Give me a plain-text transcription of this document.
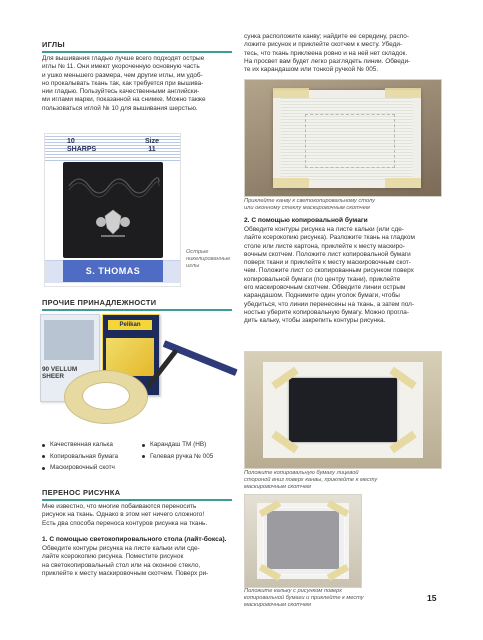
ИГЛЫ

Для вышивания гладью лучше всего подходят острые
иглы № 11. Они имеют укороченную основную часть
и ушко меньшего размера, чем другие иглы, им удоб-
но прокалывать ткань так, как требуется при вышива-
нии гладью. Пользуйтесь качественными английски-
ми иглами марки, показанной на снимке. Можно также
пользоваться иглой № 10 для вышивания шерстью.

10
SHARPS
Size
11
S. THOMAS
Острые
никелированные
иглы
ПРОЧИЕ ПРИНАДЛЕЖНОСТИ
90 VELLUM
SHEER
Pelikan
Качественная калька
Копировальная бумага
Маскировочный скотч
Карандаш ТМ (НВ)
Гелевая ручка № 005
ПЕРЕНОС РИСУНКА

Мне известно, что многие побаиваются переносить
рисунок на ткань. Однако в этом нет ничего сложного!
Есть два способа переноса контуров рисунка на ткань.

1. С помощью светокопировального стола (лайт-бокса).

Обведите контуры рисунка на листе кальки или сде-
лайте ксерокопию рисунка. Поместите рисунок
на светокопировальный стол или на оконное стекло,
приклейте к месту маскировочным скотчем. Поверх ри-

сунка расположите канву; найдите ее середину, распо-
ложите рисунок и приклейте скотчем к месту. Убеди-
тесь, что ткань приклеена ровно и на ней нет складок.
На просвет вам будет легко разглядеть линии. Обведи-
те их карандашом или тонкой ручкой № 005.

Приклейте канву к светокопировальному столу
или оконному стеклу маскировочным скотчем
2. С помощью копировальной бумаги

Обведите контуры рисунка на листе кальки (или сде-
лайте ксерокопию рисунка). Разложите ткань на гладком
столе или листе картона, приклейте к месту маскиро-
вочным скотчем. Положите лист копировальной бумаги
поверх ткани и приклейте к месту маскировочным скот-
чем. Положите лист со скопированным рисунком поверх
копировальной бумаги (по центру ткани), приклейте
его маскировочным скотчем. Обведите линии острым
карандашом. Поднимите один уголок бумаги, чтобы
убедиться, что линии перенесены на ткань, а затем пол-
ностью уберите копировальную бумагу. Можно прогла-
дить кальку, чтобы закрепить контуры рисунка.

Положите копировальную бумагу лицевой
стороной вниз поверх канвы, приклейте к месту
маскировочным скотчем
Положите кальку с рисунком поверх
копировальной бумаги и приклейте к месту
маскировочным скотчем
15
